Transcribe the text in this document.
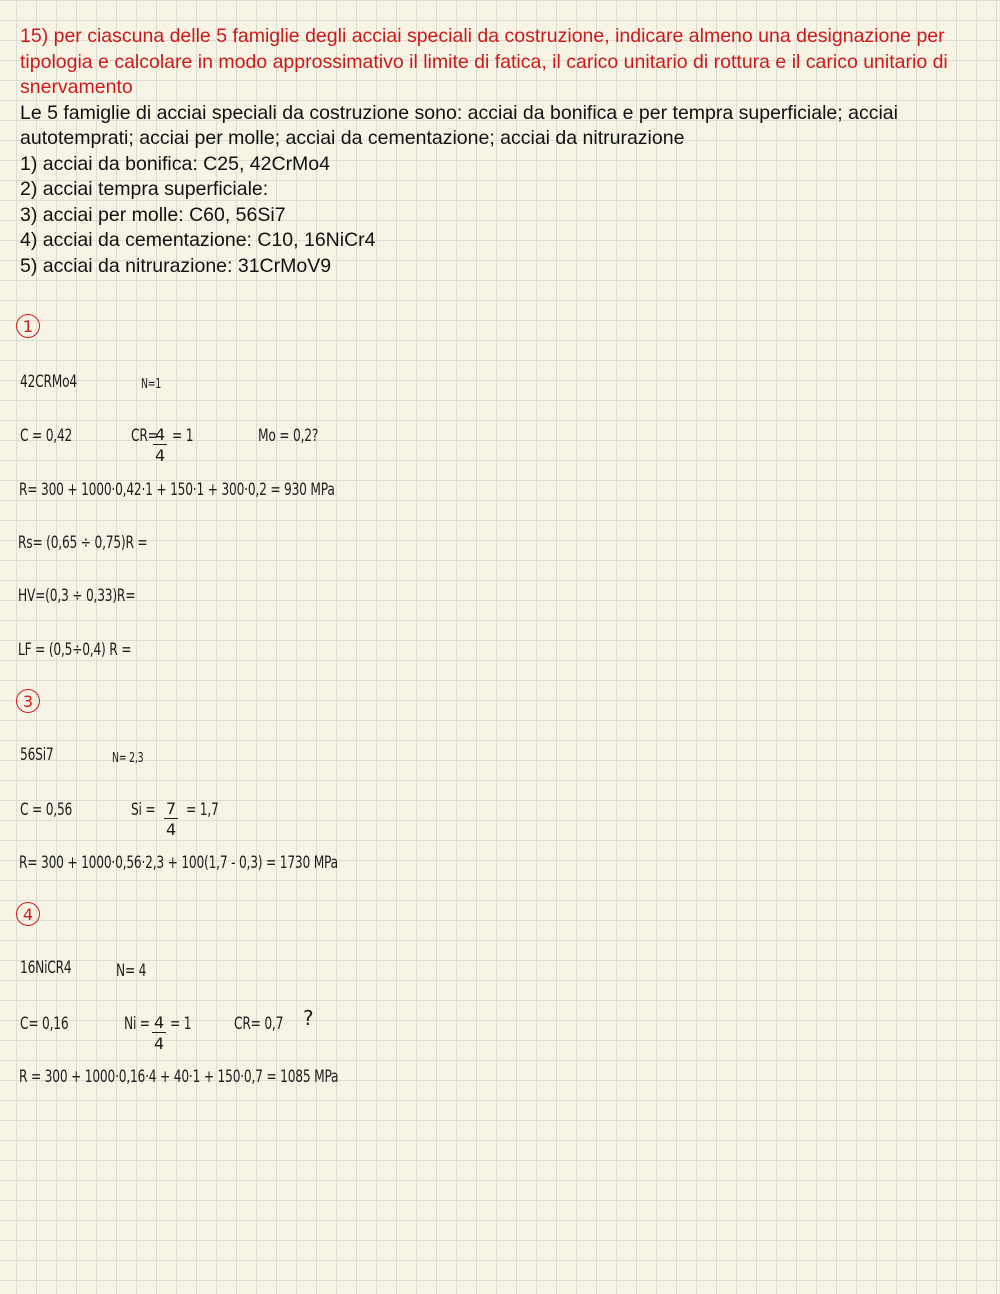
15) per ciascuna delle 5 famiglie degli acciai speciali da costruzione, indicare almeno una designazione per tipologia e calcolare in modo approssimativo il limite di fatica, il carico unitario di rottura e il carico unitario di snervamento

Le 5 famiglie di acciai speciali da costruzione sono: acciai da bonifica e per tempra superficiale; acciai autotemprati; acciai per molle; acciai da cementazione; acciai da nitrurazione

1) acciai da bonifica: C25, 42CrMo4

2) acciai tempra superficiale:

3) acciai per molle: C60, 56Si7

4) acciai da cementazione: C10, 16NiCr4

5) acciai da nitrurazione: 31CrMoV9

1
42CRMo4	N=1
C = 0,42	CR=
$\frac{4}{4} = 1$	Mo = 0,2?
R= 300 + 1000·0,42·1 + 150·1 + 300·0,2 = 930 MPa
Rs= (0,65 ÷ 0,75)R =
HV=(0,3 ÷ 0,33)R=
LF = (0,5÷0,4) R =
3
56Si7	N= 2,3
C = 0,56	$Si = \frac{7}{4} = 1,7$
R= 300 + 1000·0,56·2,3 + 100(1,7 - 0,3) = 1730 MPa
4
16NiCR4	N= 4
C= 0,16	$Ni = \frac{4}{4} = 1$	CR= 0,7 ?
R = 300 + 1000·0,16·4 + 40·1 + 150·0,7 = 1085 MPa
